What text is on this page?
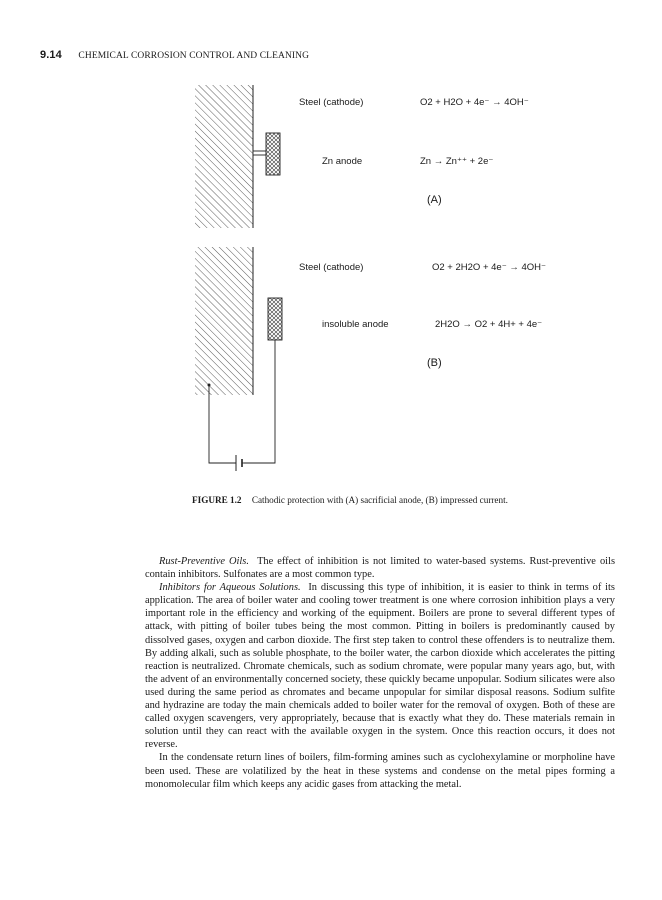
9.14 CHEMICAL CORROSION CONTROL AND CLEANING
Steel (cathode)	O2 + H2O + 4e⁻ → 4OH⁻
Zn anode	Zn → Zn⁺⁺ + 2e⁻
(A)
Steel (cathode)	O2 + 2H2O + 4e⁻ → 4OH⁻
insoluble anode	2H2O → O2 + 4H+ + 4e⁻
(B)
FIGURE 1.2 Cathodic protection with (A) sacrificial anode, (B) impressed current.

Rust-Preventive Oils. The effect of inhibition is not limited to water-based systems. Rust-preventive oils contain inhibitors. Sulfonates are a most common type.

Inhibitors for Aqueous Solutions. In discussing this type of inhibition, it is easier to think in terms of its application. The area of boiler water and cooling tower treatment is one where corrosion inhibition plays a very important role in the efficiency and working of the equipment. Boilers are prone to several different types of attack, with pitting of boiler tubes being the most common. Pitting in boilers is predominantly caused by dissolved gases, oxygen and carbon dioxide. The first step taken to control these offenders is to neutralize them. By adding alkali, such as soluble phosphate, to the boiler water, the carbon dioxide which accelerates the pitting reaction is neutralized. Chromate chemicals, such as sodium chromate, were popular many years ago, but, with the advent of an environmentally concerned society, these quickly became unpopular. Sodium silicates were also used during the same period as chromates and became unpopular for similar disposal reasons. Sodium sulfite and hydrazine are today the main chemicals added to boiler water for the removal of oxygen. Both of these are called oxygen scavengers, very appropriately, because that is exactly what they do. These materials remain in solution until they can react with the available oxygen in the system. Once this reaction occurs, it does not reverse.

In the condensate return lines of boilers, film-forming amines such as cyclohexylamine or morpholine have been used. These are volatilized by the heat in these systems and condense on the metal pipes forming a monomolecular film which keeps any acidic gases from attacking the metal.
